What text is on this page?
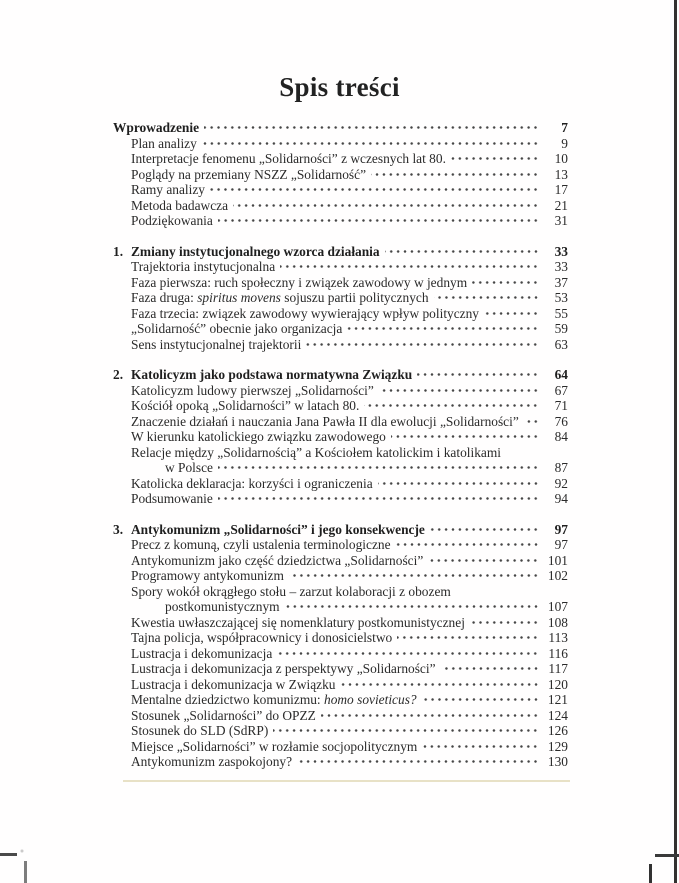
Spis treści
Wprowadzenie	7
Plan analizy	9
Interpretacje fenomenu „Solidarności” z wczesnych lat 80.	10
Poglądy na przemiany NSZZ „Solidarność”	13
Ramy analizy	17
Metoda badawcza	21
Podziękowania	31
1. Zmiany instytucjonalnego wzorca działania	33
Trajektoria instytucjonalna	33
Faza pierwsza: ruch społeczny i związek zawodowy w jednym	37
Faza druga: spiritus movens sojuszu partii politycznych	53
Faza trzecia: związek zawodowy wywierający wpływ polityczny	55
„Solidarność” obecnie jako organizacja	59
Sens instytucjonalnej trajektorii	63
2. Katolicyzm jako podstawa normatywna Związku	64
Katolicyzm ludowy pierwszej „Solidarności”	67
Kościół opoką „Solidarności” w latach 80.	71
Znaczenie działań i nauczania Jana Pawła II dla ewolucji „Solidarności”	76
W kierunku katolickiego związku zawodowego	84
Relacje między „Solidarnością” a Kościołem katolickim i katolikami
w Polsce	87
Katolicka deklaracja: korzyści i ograniczenia	92
Podsumowanie	94
3. Antykomunizm „Solidarności” i jego konsekwencje	97
Precz z komuną, czyli ustalenia terminologiczne	97
Antykomunizm jako część dziedzictwa „Solidarności”	101
Programowy antykomunizm	102
Spory wokół okrągłego stołu – zarzut kolaboracji z obozem
postkomunistycznym	107
Kwestia uwłaszczającej się nomenklatury postkomunistycznej	108
Tajna policja, współpracownicy i donosicielstwo	113
Lustracja i dekomunizacja	116
Lustracja i dekomunizacja z perspektywy „Solidarności”	117
Lustracja i dekomunizacja w Związku	120
Mentalne dziedzictwo komunizmu: homo sovieticus?	121
Stosunek „Solidarności” do OPZZ	124
Stosunek do SLD (SdRP)	126
Miejsce „Solidarności” w rozłamie socjopolitycznym	129
Antykomunizm zaspokojony?	130
